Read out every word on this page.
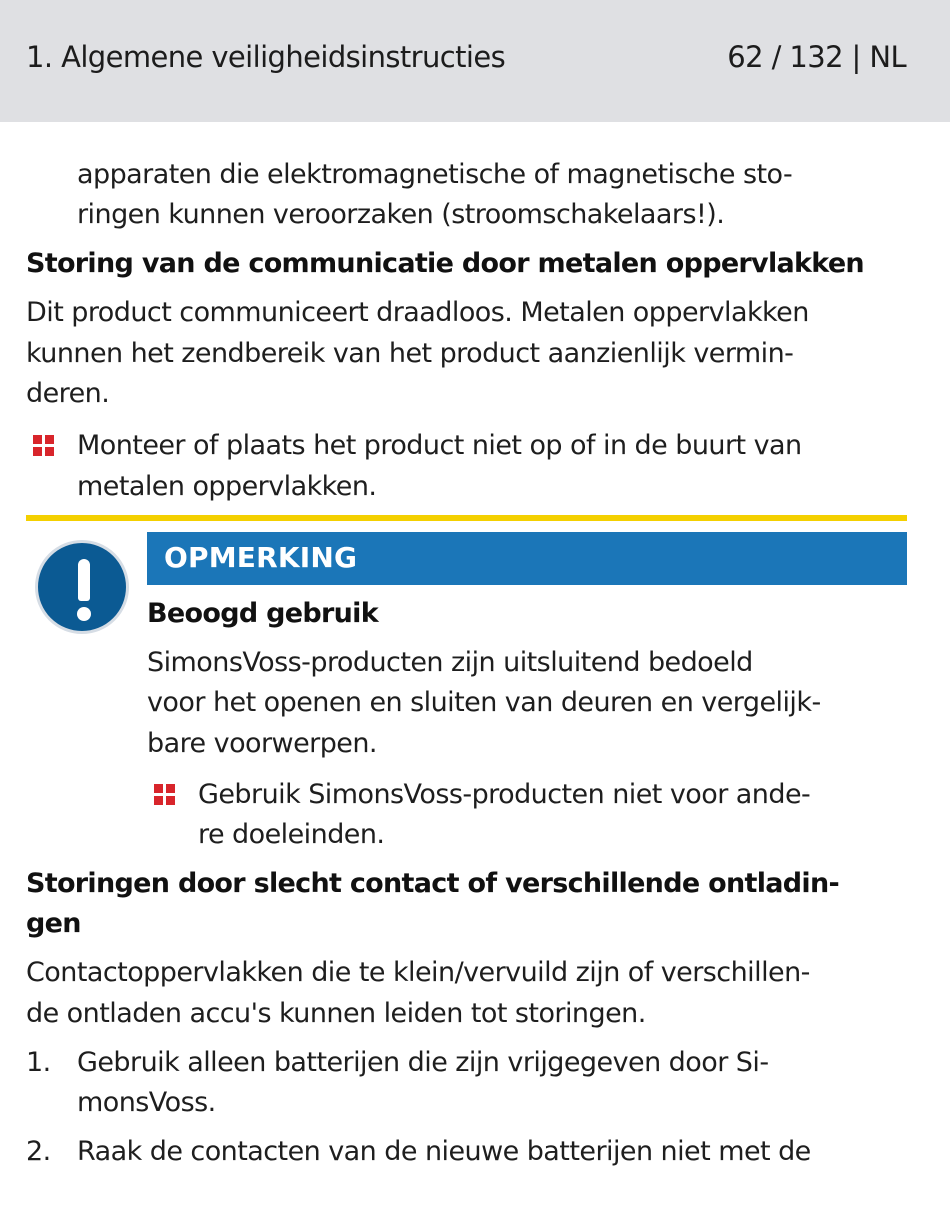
1. Algemene veiligheidsinstructies	62 / 132 | NL
apparaten die elektromagnetische of magnetische sto-
ringen kunnen veroorzaken (stroomschakelaars!).
Storing van de communicatie door metalen oppervlakken
Dit product communiceert draadloos. Metalen oppervlakken
kunnen het zendbereik van het product aanzienlijk vermin-
deren.
Monteer of plaats het product niet op of in de buurt van
metalen oppervlakken.
OPMERKING
Beoogd gebruik
SimonsVoss-producten zijn uitsluitend bedoeld
voor het openen en sluiten van deuren en vergelijk-
bare voorwerpen.
Gebruik SimonsVoss-producten niet voor ande-
re doeleinden.
Storingen door slecht contact of verschillende ontladin-
gen
Contactoppervlakken die te klein/vervuild zijn of verschillen-
de ontladen accu's kunnen leiden tot storingen.
1. Gebruik alleen batterijen die zijn vrijgegeven door Si-
monsVoss.
2. Raak de contacten van de nieuwe batterijen niet met de
